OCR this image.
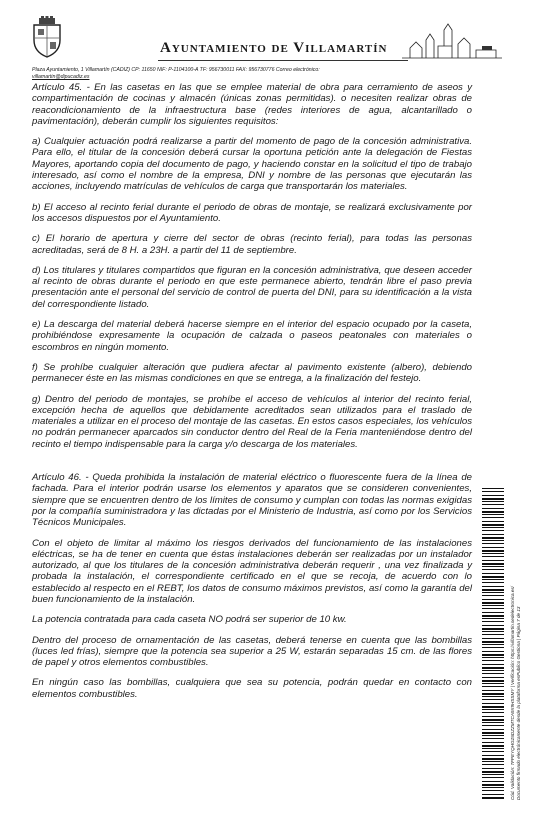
Ayuntamiento de Villamartín
Plaza Ayuntamiento, 1 Villamartín (CADIZ) CP: 11650 NIF: P-1104100-A TF: 956730011 FAX: 956730776 Correo electrónico:
villamartin@dipucadiz.es

Artículo 45. - En las casetas en las que se emplee material de obra para cerramiento de aseos y compartimentación de cocinas y almacén (únicas zonas permitidas). o necesiten realizar obras de reacondicionamiento de la infraestructura base (redes interiores de agua, alcantarillado o pavimentación), deberán cumplir los siguientes requisitos:

a) Cualquier actuación podrá realizarse a partir del momento de pago de la concesión administrativa. Para ello, el titular de la concesión deberá cursar la oportuna petición ante la delegación de Fiestas Mayores, aportando copia del documento de pago, y haciendo constar en la solicitud el tipo de trabajo interesado, así como el nombre de la empresa, DNI y nombre de las personas que ejecutarán las acciones, incluyendo matrículas de vehículos de carga que transportarán los materiales.

b) El acceso al recinto ferial durante el periodo de obras de montaje, se realizará exclusivamente por los accesos dispuestos por el Ayuntamiento.

c) El horario de apertura y cierre del sector de obras (recinto ferial), para todas las personas acreditadas, será de 8 H. a 23H. a partir del 11 de septiembre.

d) Los titulares y titulares compartidos que figuran en la concesión administrativa, que deseen acceder al recinto de obras durante el periodo en que este permanece abierto, tendrán libre el paso previa presentación ante el personal del servicio de control de puerta del DNI, para su identificación a la vista del correspondiente listado.

e) La descarga del material deberá hacerse siempre en el interior del espacio ocupado por la caseta, prohibiéndose expresamente la ocupación de calzada o paseos peatonales con materiales o escombros en ningún momento.

f) Se prohíbe cualquier alteración que pudiera afectar al pavimento existente (albero), debiendo permanecer éste en las mismas condiciones en que se entrega, a la finalización del festejo.

g) Dentro del periodo de montajes, se prohíbe el acceso de vehículos al interior del recinto ferial, excepción hecha de aquellos que debidamente acreditados sean utilizados para el traslado de materiales a utilizar en el proceso del montaje de las casetas. En estos casos especiales, los vehículos no podrán permanecer aparcados sin conductor dentro del Real de la Feria manteniéndose dentro del recinto el tiempo indispensable para la carga y/o descarga de los materiales.

Artículo 46. - Queda prohibida la instalación de material eléctrico o fluorescente fuera de la línea de fachada. Para el interior podrán usarse los elementos y aparatos que se consideren convenientes, siempre que se encuentren dentro de los límites de consumo y cumplan con todas las normas exigidas por la compañía suministradora y las dictadas por el Ministerio de Industria, así como por los Servicios Técnicos Municipales.

Con el objeto de limitar al máximo los riesgos derivados del funcionamiento de las instalaciones eléctricas, se ha de tener en cuenta que éstas instalaciones deberán ser realizadas por un instalador autorizado, al que los titulares de la concesión administrativa deberán requerir , una vez finalizada y probada la instalación, el correspondiente certificado en el que se recoja, de acuerdo con lo establecido al respecto en el REBT, los datos de consumo máximos previstos, así como la garantía del buen funcionamiento de la instalación.

La potencia contratada para cada caseta NO podrá ser superior de 10 kw.

Dentro del proceso de ornamentación de las casetas, deberá tenerse en cuenta que las bombillas (luces led frías), siempre que la potencia sea superior a 25 W, estarán separadas 15 cm. de las flores de papel y otros elementos combustibles.

En ningún caso las bombillas, cualquiera que sea su potencia, podrán quedar en contacto con elementos combustibles.	Cód. Validación: 7FPEYQHGZ6DZZMTCA9X9HSSMY | Verificación: https://villamartin.sedelectronica.es/
Documento firmado electrónicamente desde la plataforma esPublico Gestiona | Página 7 de 13
